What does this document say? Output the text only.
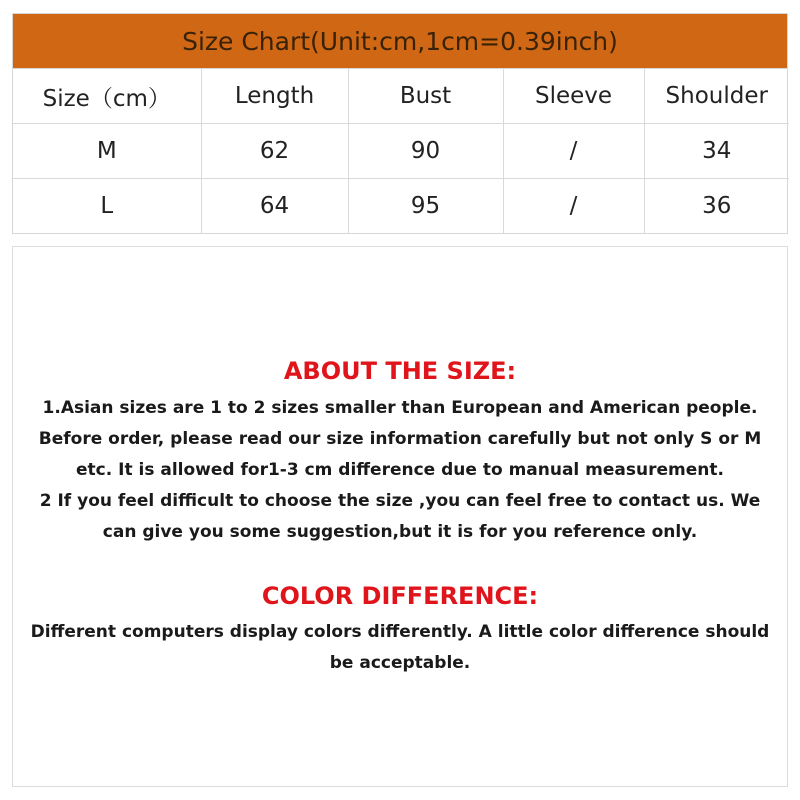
Size Chart(Unit:cm,1cm=0.39inch)
Size（cm）	Length	Bust	Sleeve	Shoulder
M	62	90	/	34
L	64	95	/	36
ABOUT THE SIZE:

1.Asian sizes are 1 to 2 sizes smaller than European and American people.

Before order, please read our size information carefully but not only S or M

etc. It is allowed for1-3 cm difference due to manual measurement.

2 If you feel difficult to choose the size ,you can feel free to contact us. We

can give you some suggestion,but it is for you reference only.

COLOR DIFFERENCE:

Different computers display colors differently. A little color difference should

be acceptable.
